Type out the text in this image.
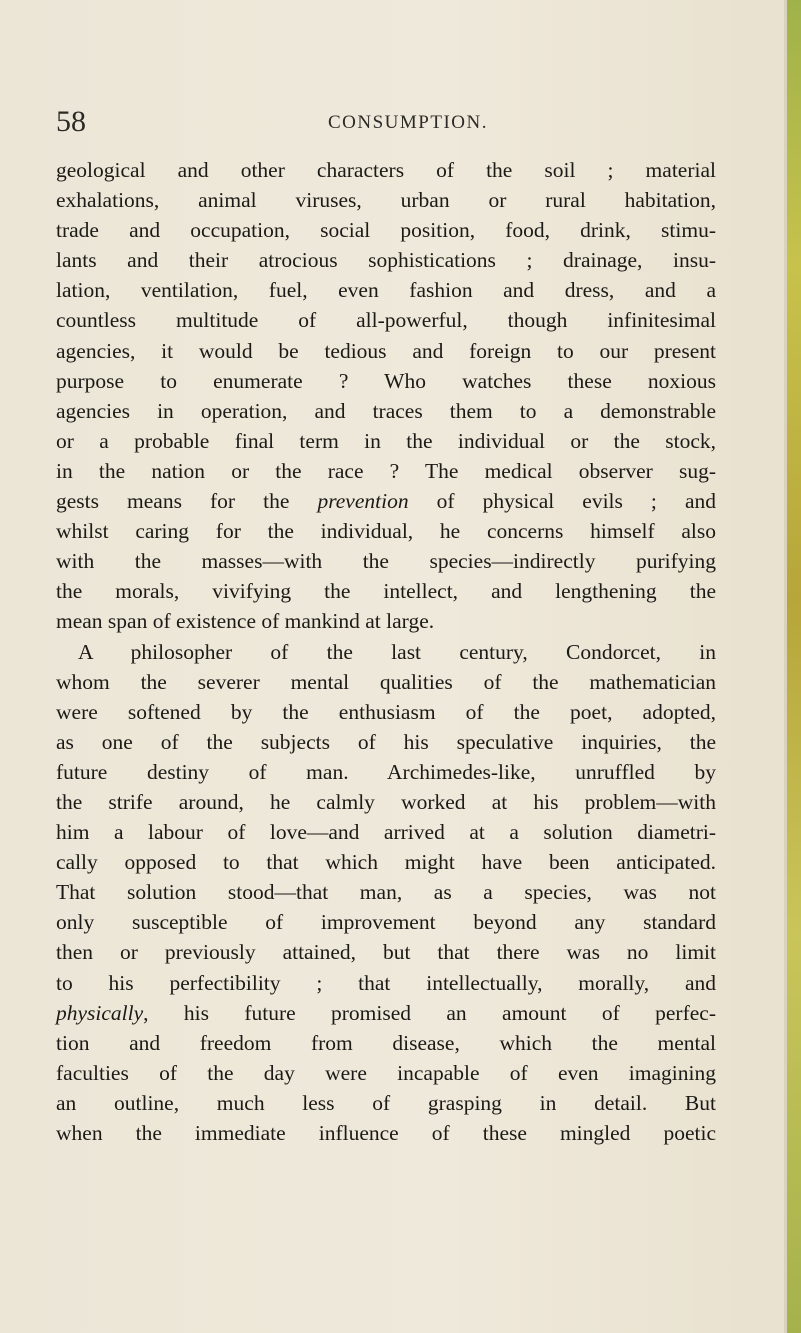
58	CONSUMPTION.
geological and other characters of the soil ; material
exhalations, animal viruses, urban or rural habitation,
trade and occupation, social position, food, drink, stimu-
lants and their atrocious sophistications ; drainage, insu-
lation, ventilation, fuel, even fashion and dress, and a
countless multitude of all-powerful, though infinitesimal
agencies, it would be tedious and foreign to our present
purpose to enumerate ? Who watches these noxious
agencies in operation, and traces them to a demonstrable
or a probable final term in the individual or the stock,
in the nation or the race ? The medical observer sug-
gests means for the prevention of physical evils ; and
whilst caring for the individual, he concerns himself also
with the masses—with the species—indirectly purifying
the morals, vivifying the intellect, and lengthening the
mean span of existence of mankind at large.
A philosopher of the last century, Condorcet, in
whom the severer mental qualities of the mathematician
were softened by the enthusiasm of the poet, adopted,
as one of the subjects of his speculative inquiries, the
future destiny of man. Archimedes-like, unruffled by
the strife around, he calmly worked at his problem—with
him a labour of love—and arrived at a solution diametri-
cally opposed to that which might have been anticipated.
That solution stood—that man, as a species, was not
only susceptible of improvement beyond any standard
then or previously attained, but that there was no limit
to his perfectibility ; that intellectually, morally, and
physically, his future promised an amount of perfec-
tion and freedom from disease, which the mental
faculties of the day were incapable of even imagining
an outline, much less of grasping in detail. But
when the immediate influence of these mingled poetic
